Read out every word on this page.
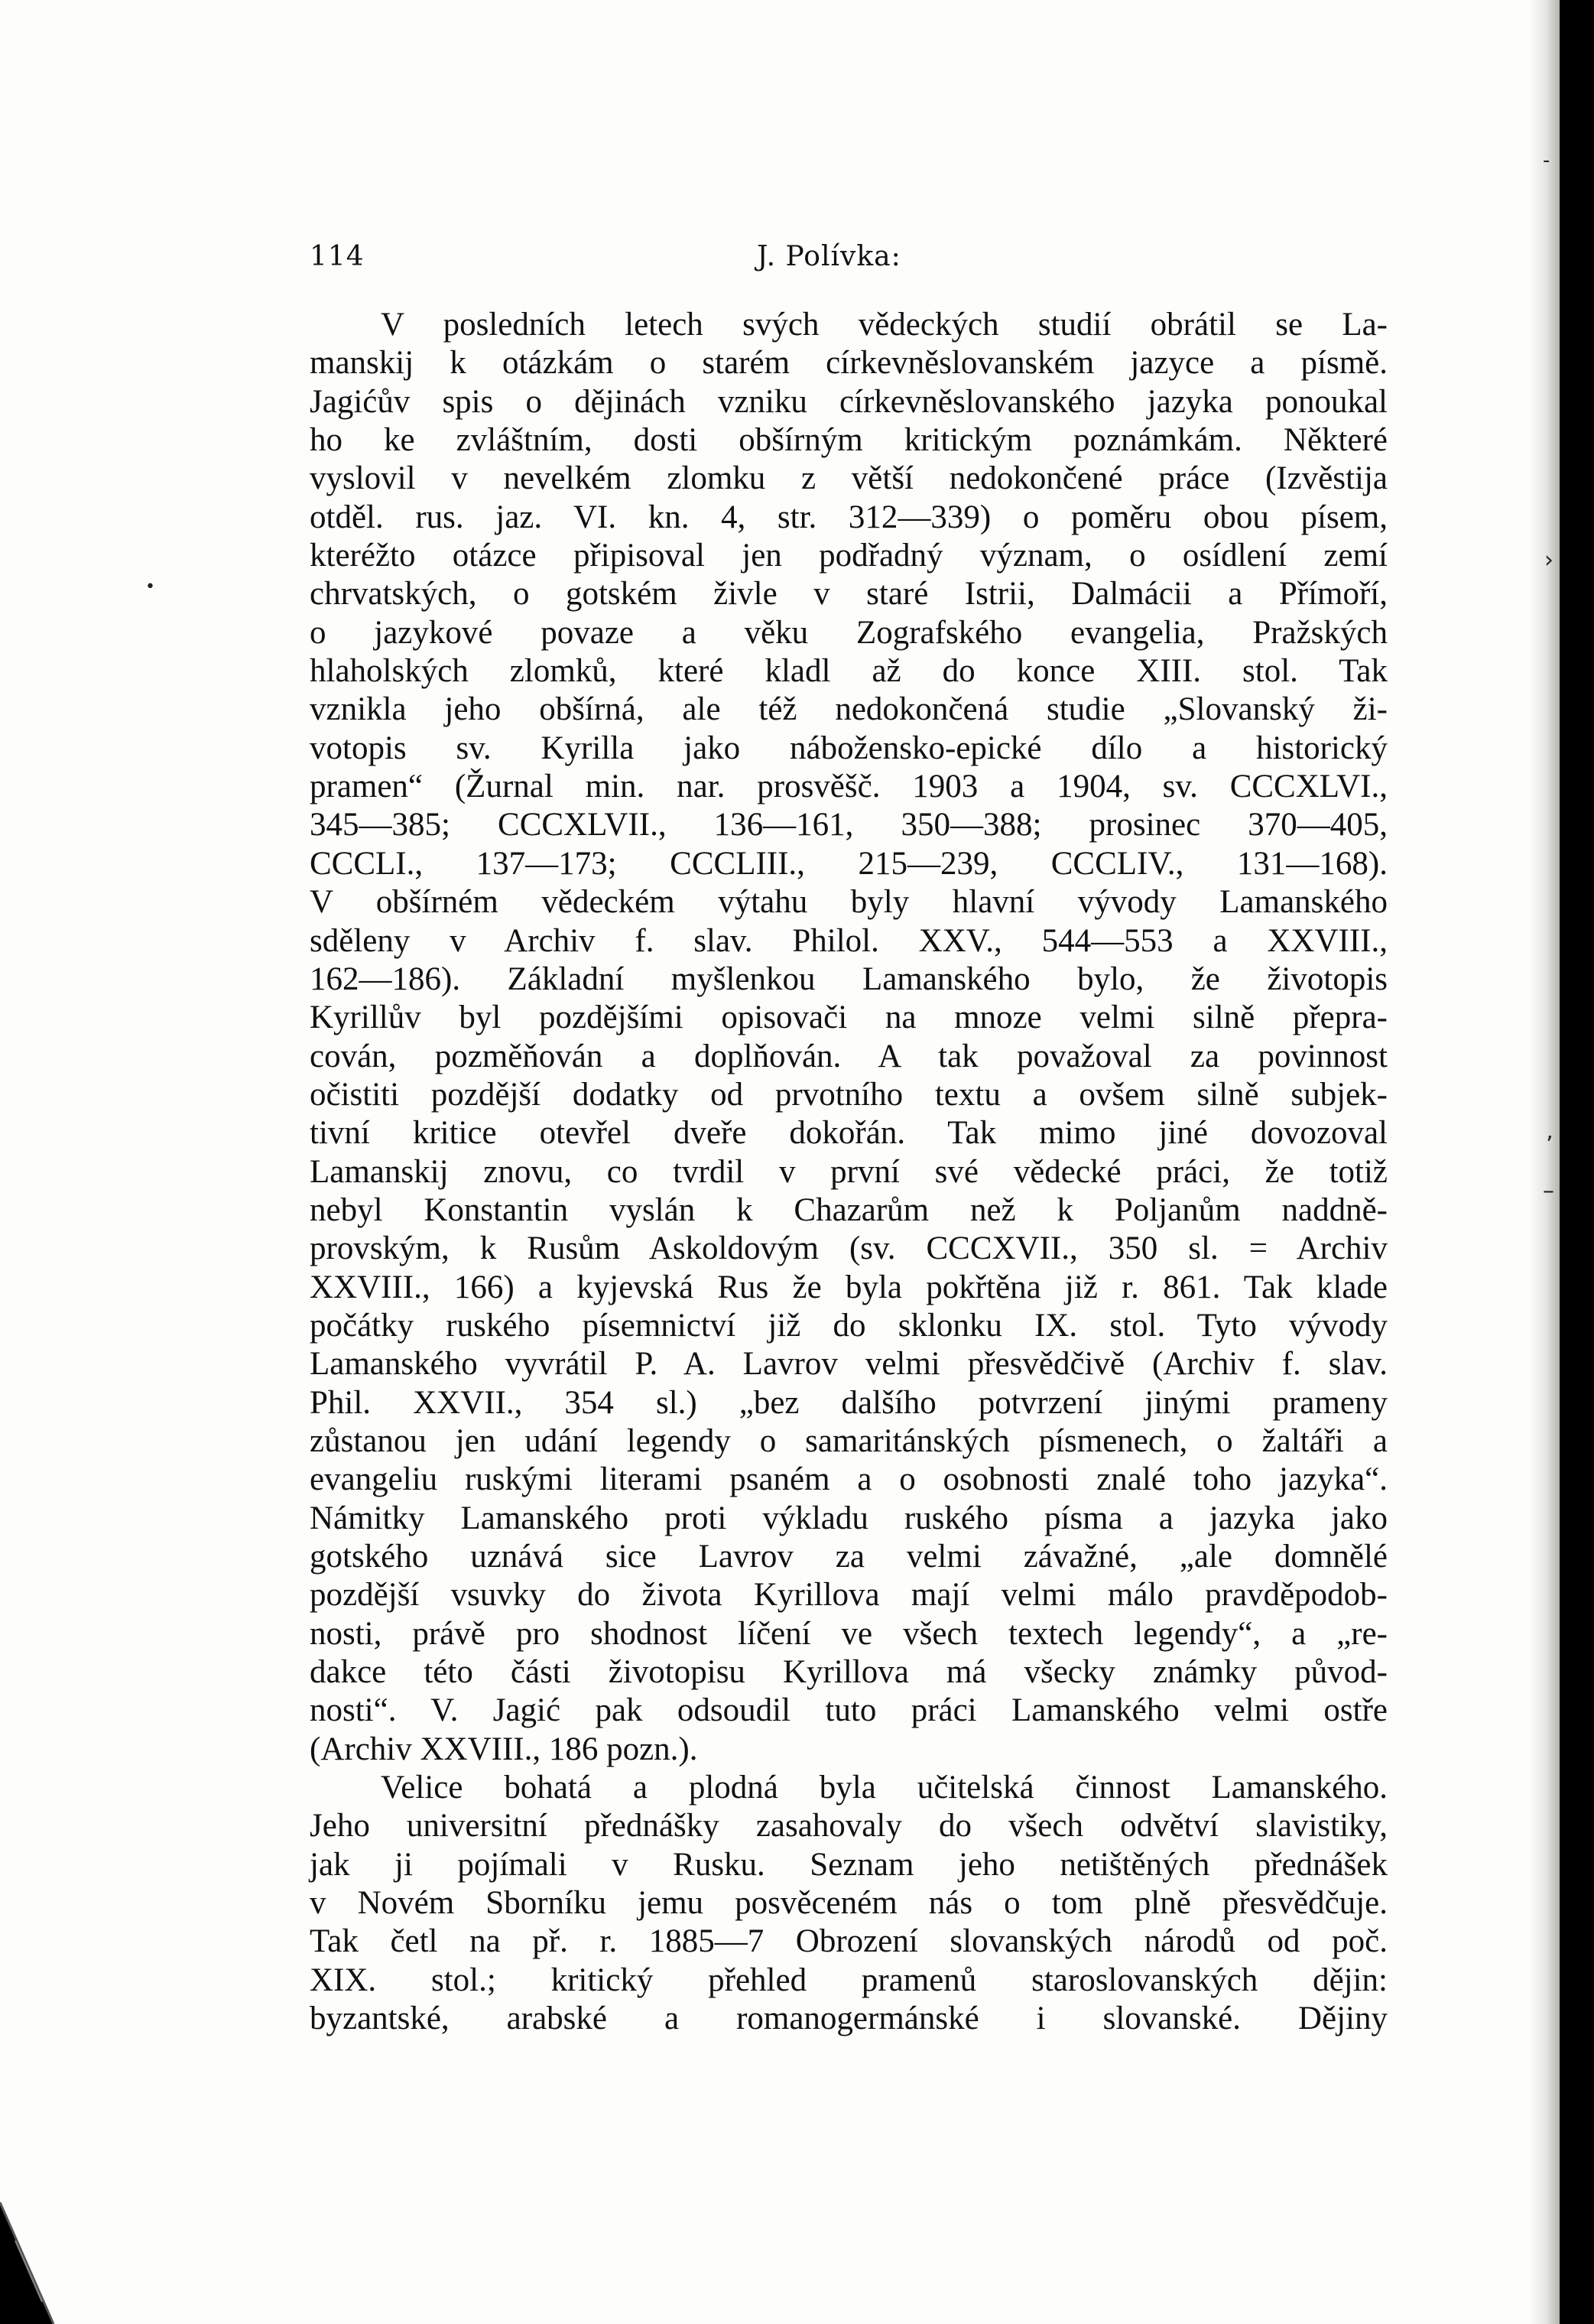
•
›
ʼ
–
-
114	J. Polívka:
V posledních letech svých vědeckých studií obrátil se La-
manskij k otázkám o starém církevněslovanském jazyce a písmě.
Jagićův spis o dějinách vzniku církevněslovanského jazyka ponoukal
ho ke zvláštním, dosti obšírným kritickým poznámkám. Některé
vyslovil v nevelkém zlomku z větší nedokončené práce (Izvěstija
otděl. rus. jaz. VI. kn. 4, str. 312—339) o poměru obou písem,
kteréžto otázce připisoval jen podřadný význam, o osídlení zemí
chrvatských, o gotském živle v staré Istrii, Dalmácii a Přímoří,
o jazykové povaze a věku Zografského evangelia, Pražských
hlaholských zlomků, které kladl až do konce XIII. stol. Tak
vznikla jeho obšírná, ale též nedokončená studie „Slovanský ži-
votopis sv. Kyrilla jako nábožensko-epické dílo a historický
pramen“ (Žurnal min. nar. prosvěšč. 1903 a 1904, sv. CCCXLVI.,
345—385; CCCXLVII., 136—161, 350—388; prosinec 370—405,
CCCLI., 137—173; CCCLIII., 215—239, CCCLIV., 131—168).
V obšírném vědeckém výtahu byly hlavní vývody Lamanského
sděleny v Archiv f. slav. Philol. XXV., 544—553 a XXVIII.,
162—186). Základní myšlenkou Lamanského bylo, že životopis
Kyrillův byl pozdějšími opisovači na mnoze velmi silně přepra-
cován, pozměňován a doplňován. A tak považoval za povinnost
očistiti pozdější dodatky od prvotního textu a ovšem silně subjek-
tivní kritice otevřel dveře dokořán. Tak mimo jiné dovozoval
Lamanskij znovu, co tvrdil v první své vědecké práci, že totiž
nebyl Konstantin vyslán k Chazarům než k Poljanům naddně-
provským, k Rusům Askoldovým (sv. CCCXVII., 350 sl. = Archiv
XXVIII., 166) a kyjevská Rus že byla pokřtěna již r. 861. Tak klade
počátky ruského písemnictví již do sklonku IX. stol. Tyto vývody
Lamanského vyvrátil P. A. Lavrov velmi přesvědčivě (Archiv f. slav.
Phil. XXVII., 354 sl.) „bez dalšího potvrzení jinými prameny
zůstanou jen udání legendy o samaritánských písmenech, o žaltáři a
evangeliu ruskými literami psaném a o osobnosti znalé toho jazyka“.
Námitky Lamanského proti výkladu ruského písma a jazyka jako
gotského uznává sice Lavrov za velmi závažné, „ale domnělé
pozdější vsuvky do života Kyrillova mají velmi málo pravděpodob-
nosti, právě pro shodnost líčení ve všech textech legendy“, a „re-
dakce této části životopisu Kyrillova má všecky známky původ-
nosti“. V. Jagić pak odsoudil tuto práci Lamanského velmi ostře
(Archiv XXVIII., 186 pozn.).
Velice bohatá a plodná byla učitelská činnost Lamanského.
Jeho universitní přednášky zasahovaly do všech odvětví slavistiky,
jak ji pojímali v Rusku. Seznam jeho netištěných přednášek
v Novém Sborníku jemu posvěceném nás o tom plně přesvědčuje.
Tak četl na př. r. 1885—7 Obrození slovanských národů od poč.
XIX. stol.; kritický přehled pramenů staroslovanských dějin:
byzantské, arabské a romanogermánské i slovanské. Dějiny
